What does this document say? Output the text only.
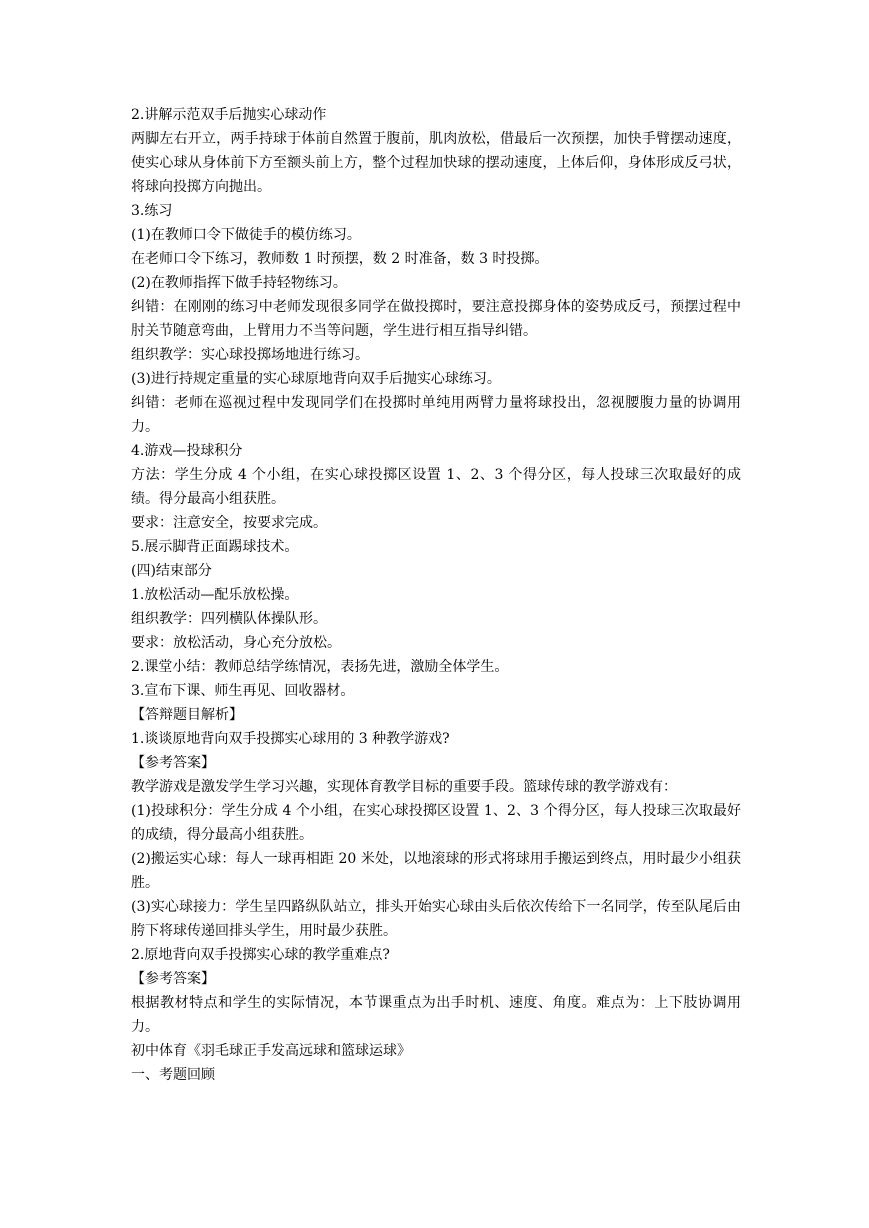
2.讲解示范双手后抛实心球动作

两脚左右开立，两手持球于体前自然置于腹前，肌肉放松，借最后一次预摆，加快手臂摆动速度，使实心球从身体前下方至额头前上方，整个过程加快球的摆动速度，上体后仰，身体形成反弓状，将球向投掷方向抛出。

3.练习

(1)在教师口令下做徒手的模仿练习。

在老师口令下练习，教师数 1 时预摆，数 2 时准备，数 3 时投掷。

(2)在教师指挥下做手持轻物练习。

纠错：在刚刚的练习中老师发现很多同学在做投掷时，要注意投掷身体的姿势成反弓，预摆过程中肘关节随意弯曲，上臂用力不当等问题，学生进行相互指导纠错。

组织教学：实心球投掷场地进行练习。

(3)进行持规定重量的实心球原地背向双手后抛实心球练习。

纠错：老师在巡视过程中发现同学们在投掷时单纯用两臂力量将球投出，忽视腰腹力量的协调用力。

4.游戏—投球积分

方法：学生分成 4 个小组，在实心球投掷区设置 1、2、3 个得分区，每人投球三次取最好的成绩。得分最高小组获胜。

要求：注意安全，按要求完成。

5.展示脚背正面踢球技术。

(四)结束部分

1.放松活动—配乐放松操。

组织教学：四列横队体操队形。

要求：放松活动，身心充分放松。

2.课堂小结：教师总结学练情况，表扬先进，激励全体学生。

3.宣布下课、师生再见、回收器材。

【答辩题目解析】

1.谈谈原地背向双手投掷实心球用的 3 种教学游戏?

【参考答案】

教学游戏是激发学生学习兴趣，实现体育教学目标的重要手段。篮球传球的教学游戏有：

(1)投球积分：学生分成 4 个小组，在实心球投掷区设置 1、2、3 个得分区，每人投球三次取最好的成绩，得分最高小组获胜。

(2)搬运实心球：每人一球再相距 20 米处，以地滚球的形式将球用手搬运到终点，用时最少小组获胜。

(3)实心球接力：学生呈四路纵队站立，排头开始实心球由头后依次传给下一名同学，传至队尾后由胯下将球传递回排头学生，用时最少获胜。

2.原地背向双手投掷实心球的教学重难点?

【参考答案】

根据教材特点和学生的实际情况，本节课重点为出手时机、速度、角度。难点为：上下肢协调用力。

初中体育《羽毛球正手发高远球和篮球运球》

一、考题回顾
